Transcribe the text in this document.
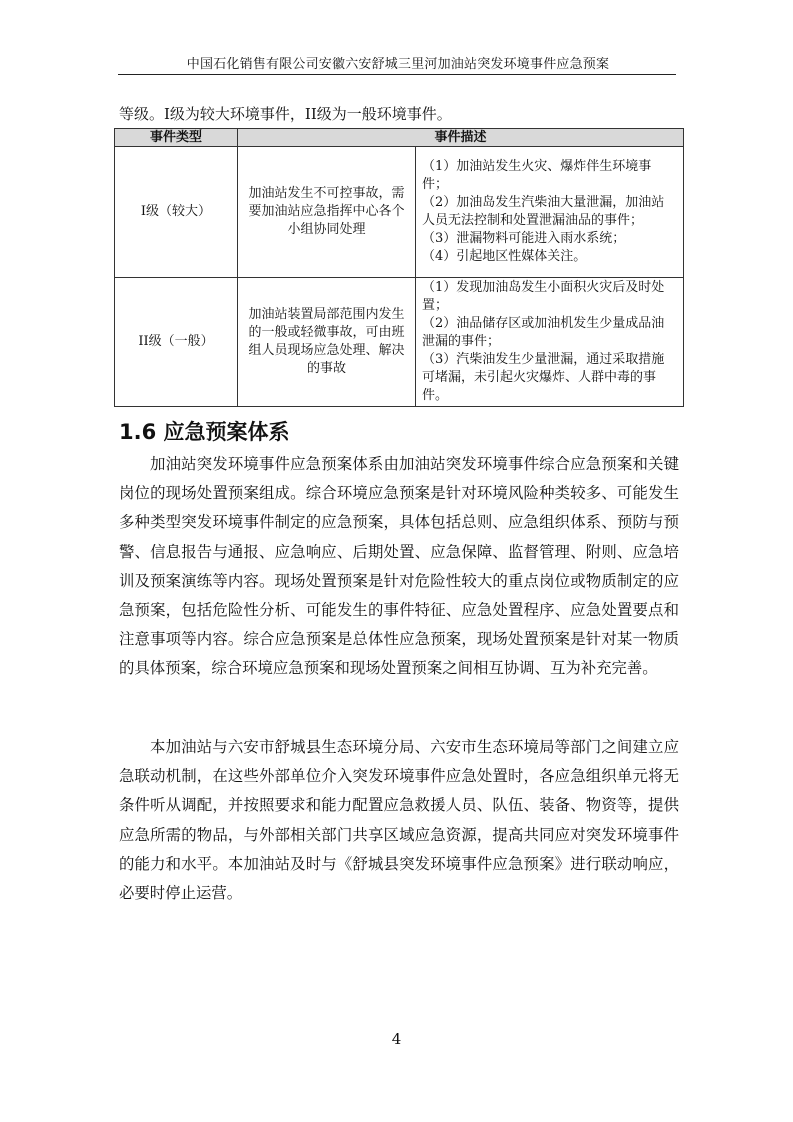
中国石化销售有限公司安徽六安舒城三里河加油站突发环境事件应急预案
等级。I级为较大环境事件，II级为一般环境事件。
事件类型	事件描述	
I级（较大）	加油站发生不可控事故，需要加油站应急指挥中心各个小组协同处理	（1）加油站发生火灾、爆炸伴生环境事件；
（2）加油岛发生汽柴油大量泄漏，加油站人员无法控制和处置泄漏油品的事件；
（3）泄漏物料可能进入雨水系统；
（4）引起地区性媒体关注。

II级（一般）	加油站装置局部范围内发生的一般或轻微事故，可由班组人员现场应急处理、解决的事故	（1）发现加油岛发生小面积火灾后及时处置；
（2）油品储存区或加油机发生少量成品油泄漏的事件；
（3）汽柴油发生少量泄漏，通过采取措施可堵漏，未引起火灾爆炸、人群中毒的事件。
1.6 应急预案体系

加油站突发环境事件应急预案体系由加油站突发环境事件综合应急预案和关键岗位的现场处置预案组成。综合环境应急预案是针对环境风险种类较多、可能发生多种类型突发环境事件制定的应急预案，具体包括总则、应急组织体系、预防与预警、信息报告与通报、应急响应、后期处置、应急保障、监督管理、附则、应急培训及预案演练等内容。现场处置预案是针对危险性较大的重点岗位或物质制定的应急预案，包括危险性分析、可能发生的事件特征、应急处置程序、应急处置要点和注意事项等内容。综合应急预案是总体性应急预案，现场处置预案是针对某一物质的具体预案，综合环境应急预案和现场处置预案之间相互协调、互为补充完善。

本加油站与六安市舒城县生态环境分局、六安市生态环境局等部门之间建立应急联动机制，在这些外部单位介入突发环境事件应急处置时，各应急组织单元将无条件听从调配，并按照要求和能力配置应急救援人员、队伍、装备、物资等，提供应急所需的物品，与外部相关部门共享区域应急资源，提高共同应对突发环境事件的能力和水平。本加油站及时与《舒城县突发环境事件应急预案》进行联动响应，必要时停止运营。

4
